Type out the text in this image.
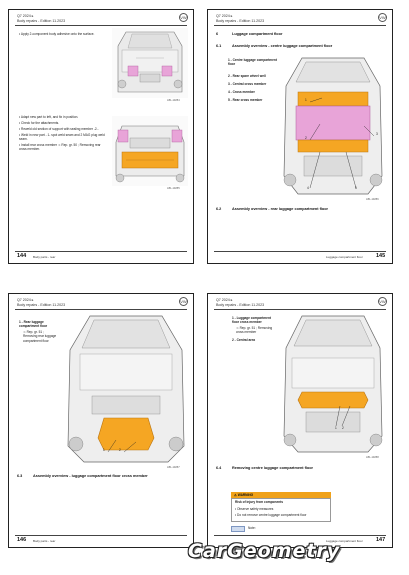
Q7 2024 ▸
Body repairs - Edition 11.2023
VW
• Apply 2-component body adhesive onto the surface.
A51-10254
• Adapt new part to left, and fix in position.
• Check for the attachments.
• Reweld old section of support with sealing member -2-.
• Weld in new part - 1- spot weld seam and 2 MAG plug weld seam.
• Install rear cross member ⇒ Rep. gr. 50 ; Removing rear cross member.
A51-10255
144 Body parts - rear
Q7 2024 ▸
Body repairs - Edition 11.2023
VW
6	Luggage compartment floor
6.1	Assembly overview - centre luggage compartment floor
1 - Centre luggage compartment floor
2 - Rear spare wheel well
3 - Central cross member
4 - Cross member
5 - Rear cross member	1
2
3
4	5
A51-10256
6.2	Assembly overview - rear luggage compartment floor
Luggage compartment floor 145
Q7 2024 ▸
Body repairs - Edition 11.2023
VW
1 - Rear luggage compartment floor
⇒ Rep. gr. 51 ; Removing rear luggage compartment floor
1	2
A51-10257
6.3	Assembly overview - luggage compartment floor cross member
146 Body parts - rear
Q7 2024 ▸
Body repairs - Edition 11.2023
VW
1 - Luggage compartment floor cross member
⇒ Rep. gr. 51 ; Removing cross member
2 - Central area
1 2
A51-10258
6.4	Removing centre luggage compartment floor
⚠ WARNING
Risk of injury from components
• Observe safety measures
• Do not remove centre luggage compartment floor
Note:
Luggage compartment floor 147
CarGeometry
